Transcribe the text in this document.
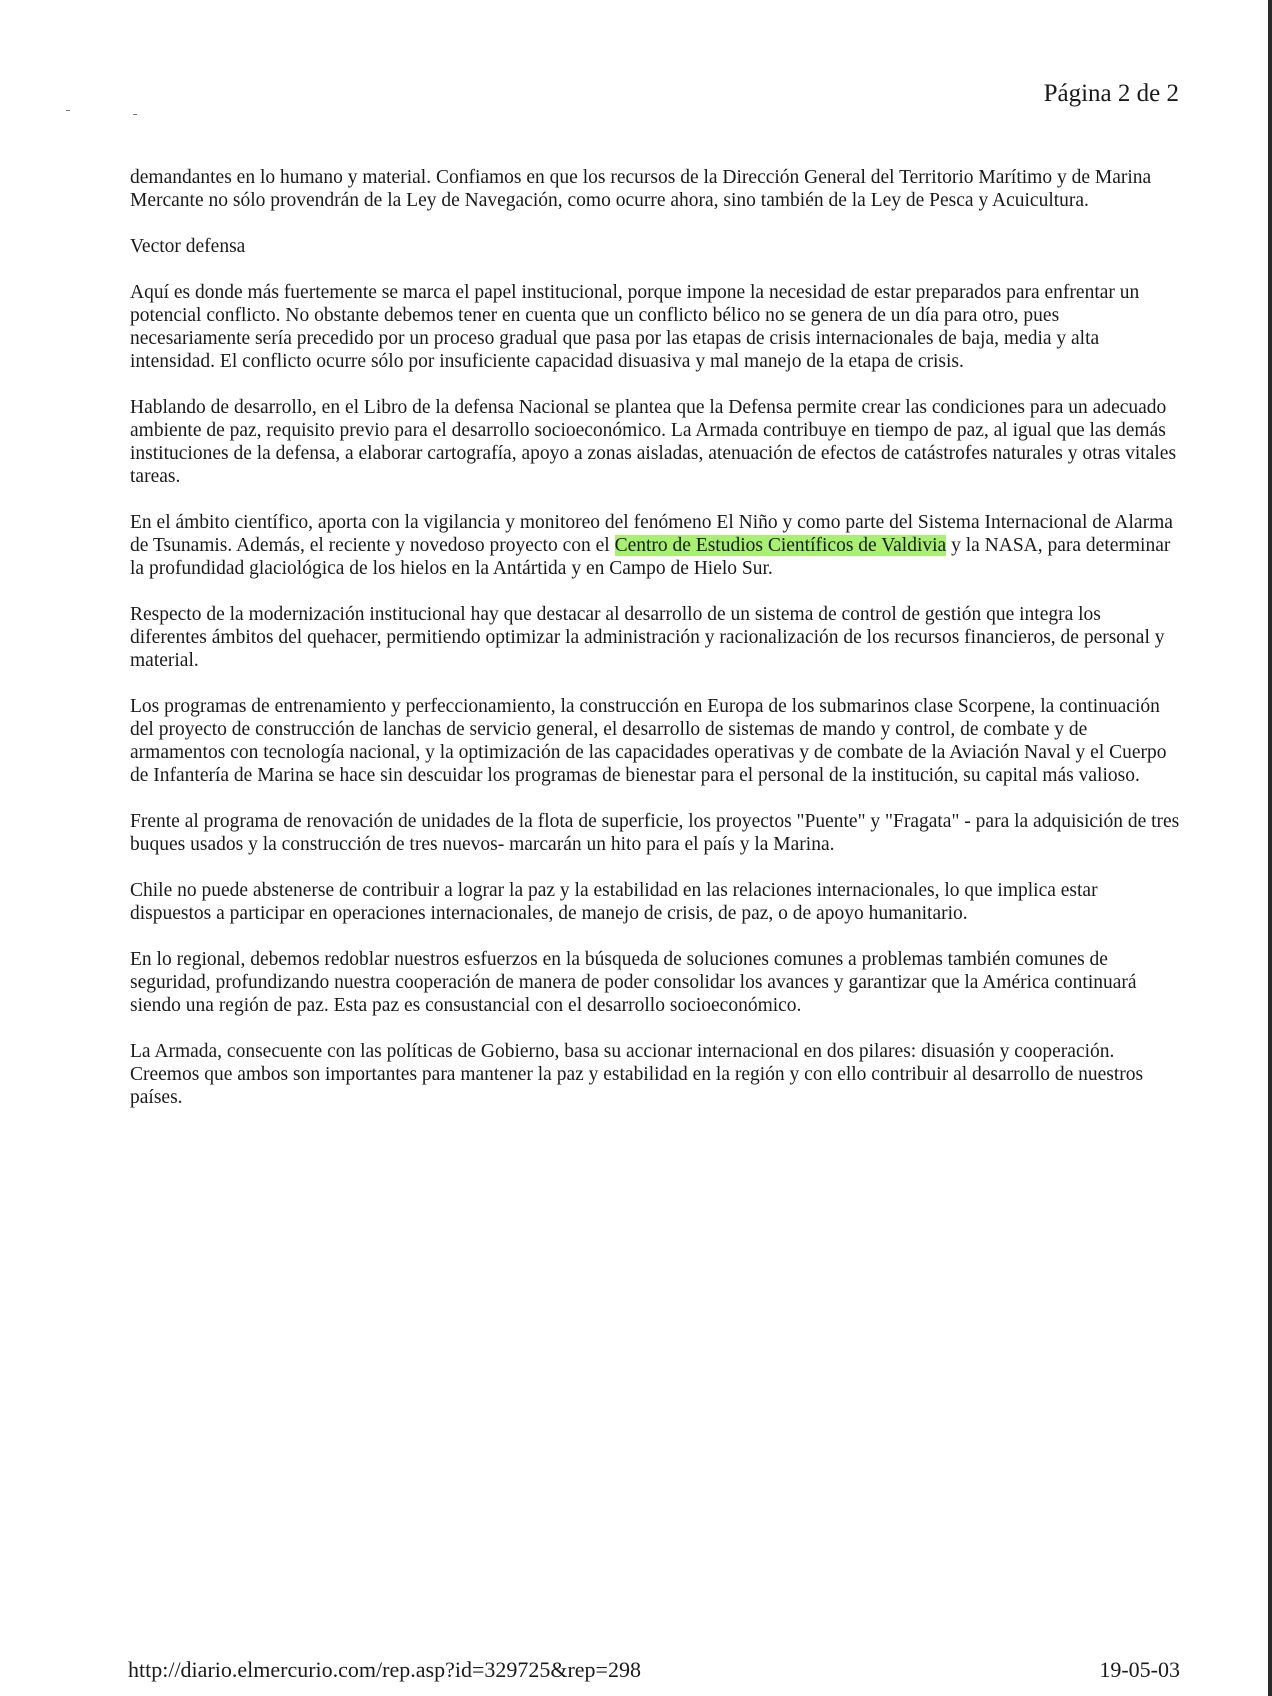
Página 2 de 2

demandantes en lo humano y material. Confiamos en que los recursos de la Dirección General del Territorio Marítimo y de Marina Mercante no sólo provendrán de la Ley de Navegación, como ocurre ahora, sino también de la Ley de Pesca y Acuicultura.

Vector defensa

Aquí es donde más fuertemente se marca el papel institucional, porque impone la necesidad de estar preparados para enfrentar un potencial conflicto. No obstante debemos tener en cuenta que un conflicto bélico no se genera de un día para otro, pues necesariamente sería precedido por un proceso gradual que pasa por las etapas de crisis internacionales de baja, media y alta intensidad. El conflicto ocurre sólo por insuficiente capacidad disuasiva y mal manejo de la etapa de crisis.

Hablando de desarrollo, en el Libro de la defensa Nacional se plantea que la Defensa permite crear las condiciones para un adecuado ambiente de paz, requisito previo para el desarrollo socioeconómico. La Armada contribuye en tiempo de paz, al igual que las demás instituciones de la defensa, a elaborar cartografía, apoyo a zonas aisladas, atenuación de efectos de catástrofes naturales y otras vitales tareas.

En el ámbito científico, aporta con la vigilancia y monitoreo del fenómeno El Niño y como parte del Sistema Internacional de Alarma de Tsunamis. Además, el reciente y novedoso proyecto con el Centro de Estudios Científicos de Valdivia y la NASA, para determinar la profundidad glaciológica de los hielos en la Antártida y en Campo de Hielo Sur.

Respecto de la modernización institucional hay que destacar al desarrollo de un sistema de control de gestión que integra los diferentes ámbitos del quehacer, permitiendo optimizar la administración y racionalización de los recursos financieros, de personal y material.

Los programas de entrenamiento y perfeccionamiento, la construcción en Europa de los submarinos clase Scorpene, la continuación del proyecto de construcción de lanchas de servicio general, el desarrollo de sistemas de mando y control, de combate y de armamentos con tecnología nacional, y la optimización de las capacidades operativas y de combate de la Aviación Naval y el Cuerpo de Infantería de Marina se hace sin descuidar los programas de bienestar para el personal de la institución, su capital más valioso.

Frente al programa de renovación de unidades de la flota de superficie, los proyectos "Puente" y "Fragata" - para la adquisición de tres buques usados y la construcción de tres nuevos- marcarán un hito para el país y la Marina.

Chile no puede abstenerse de contribuir a lograr la paz y la estabilidad en las relaciones internacionales, lo que implica estar dispuestos a participar en operaciones internacionales, de manejo de crisis, de paz, o de apoyo humanitario.

En lo regional, debemos redoblar nuestros esfuerzos en la búsqueda de soluciones comunes a problemas también comunes de seguridad, profundizando nuestra cooperación de manera de poder consolidar los avances y garantizar que la América continuará siendo una región de paz. Esta paz es consustancial con el desarrollo socioeconómico.

La Armada, consecuente con las políticas de Gobierno, basa su accionar internacional en dos pilares: disuasión y cooperación. Creemos que ambos son importantes para mantener la paz y estabilidad en la región y con ello contribuir al desarrollo de nuestros países.

http://diario.elmercurio.com/rep.asp?id=329725&rep=298	19-05-03
